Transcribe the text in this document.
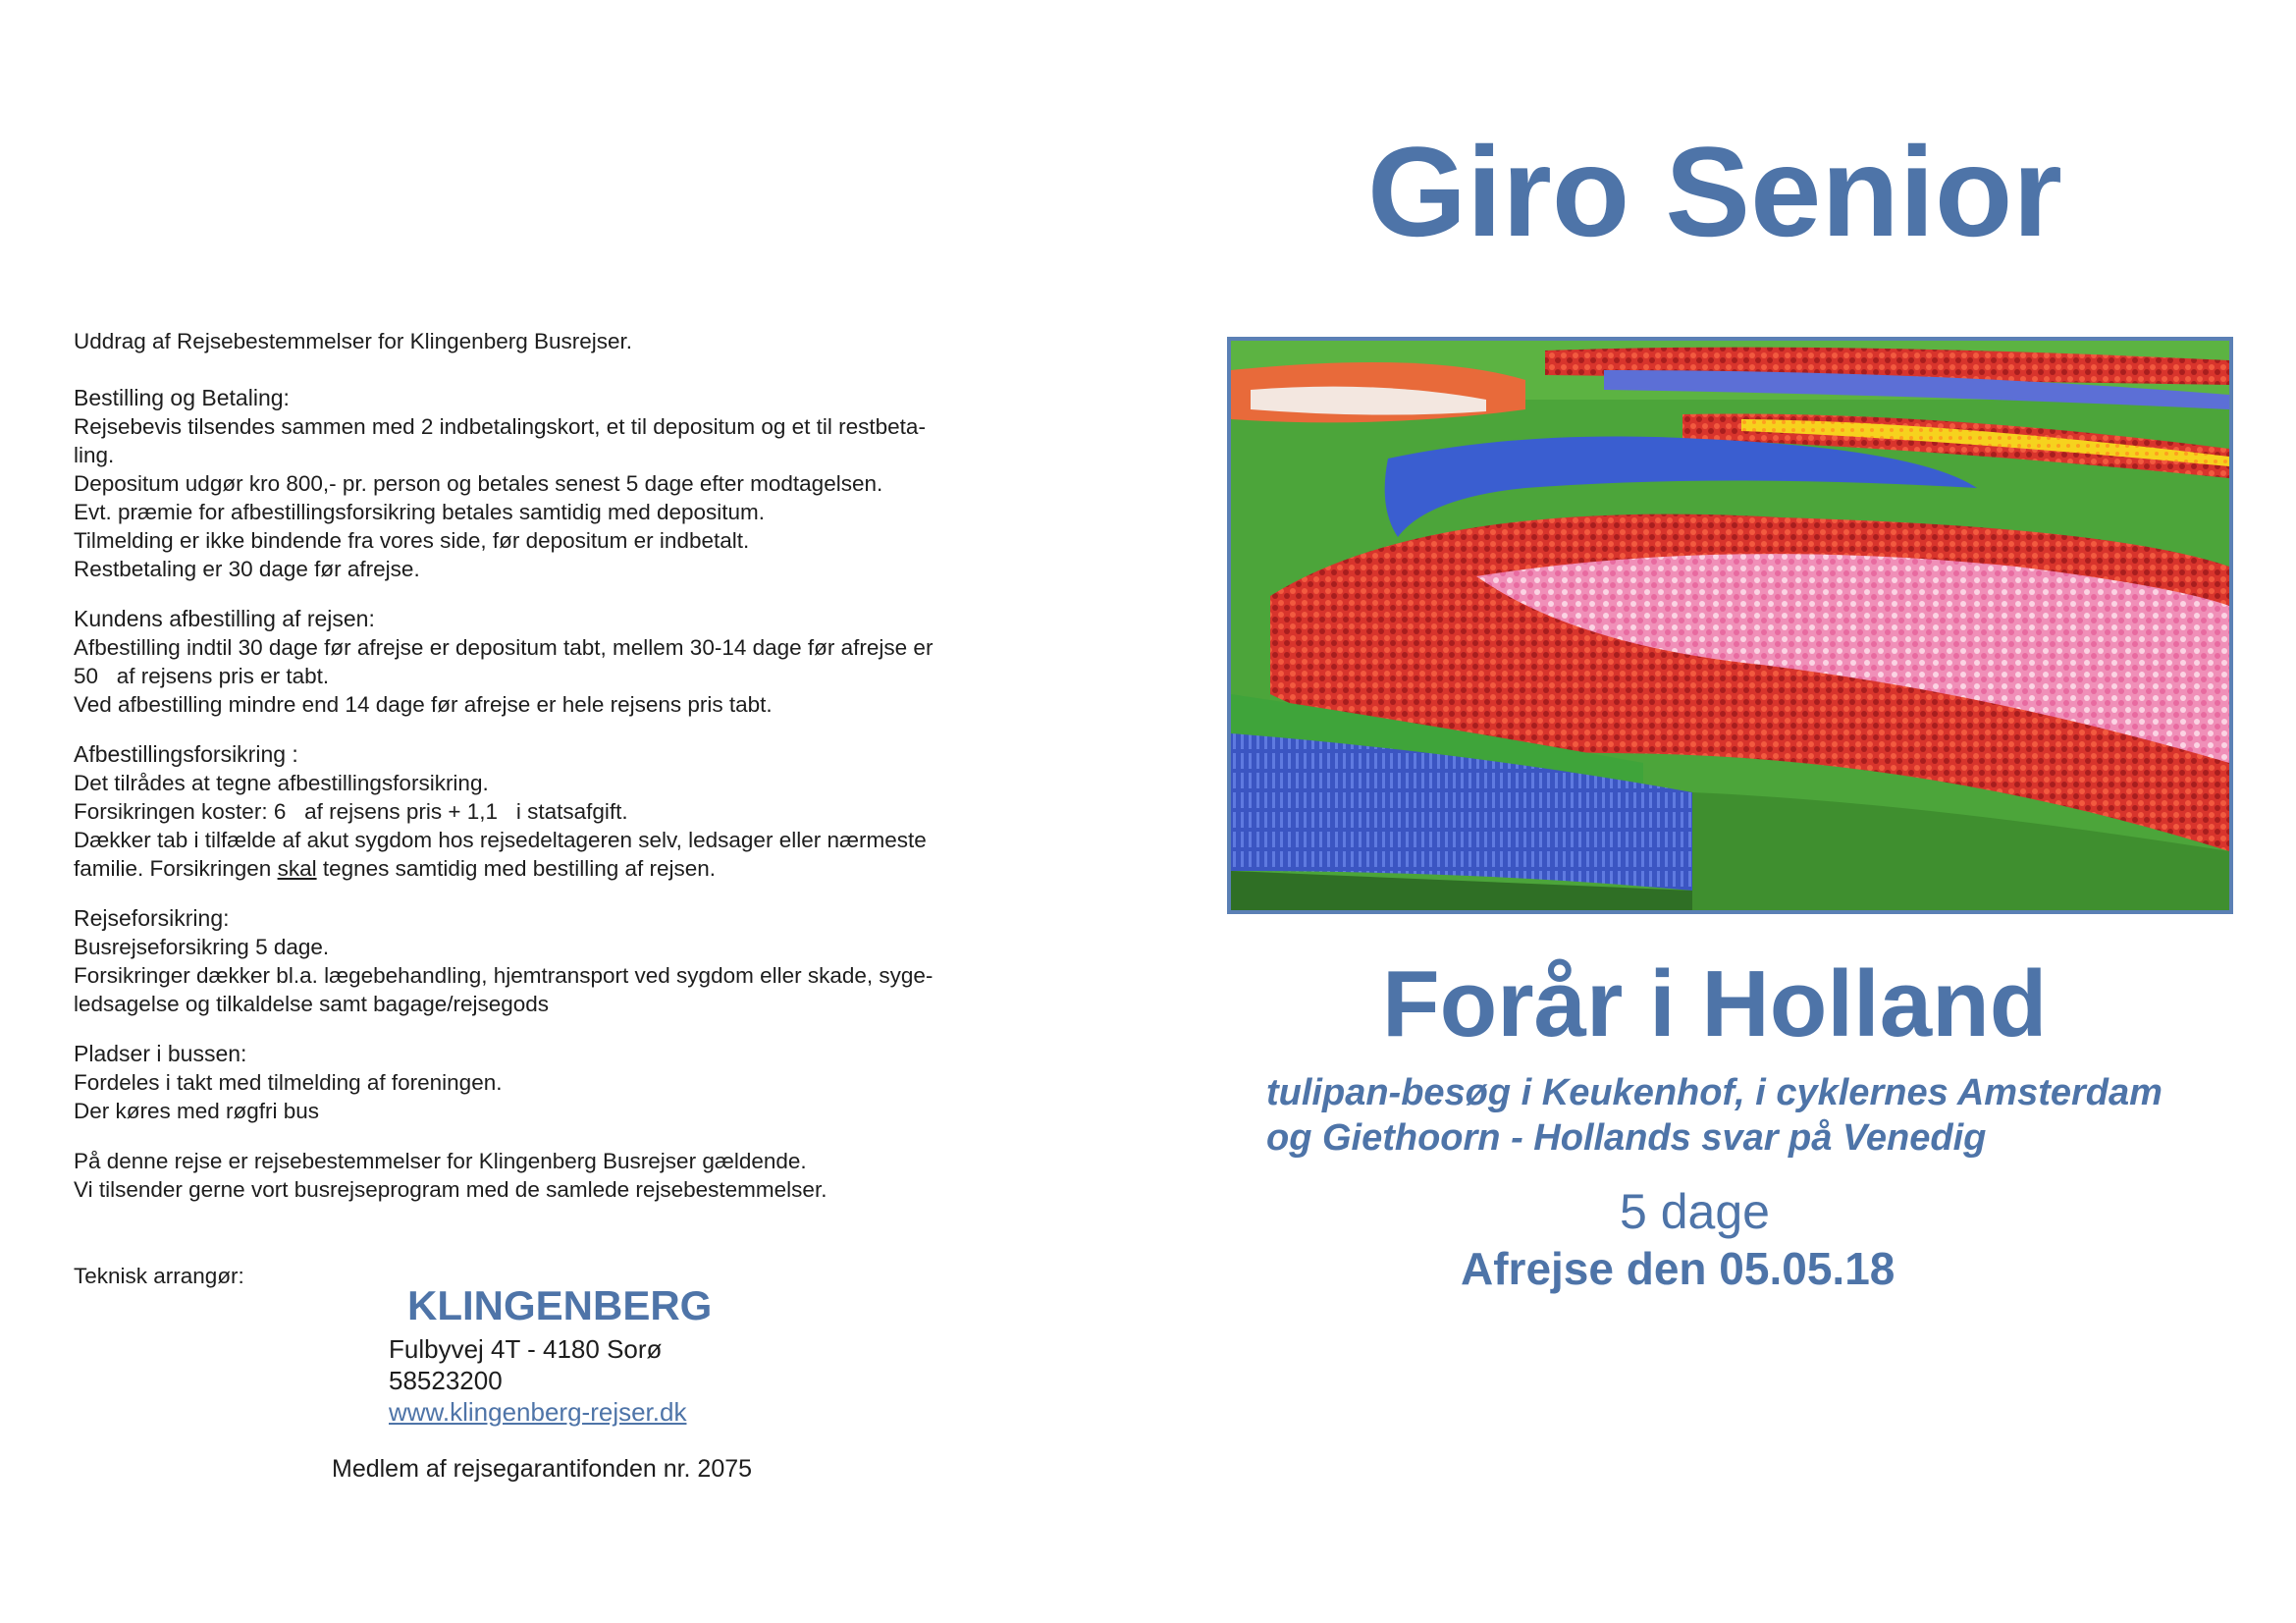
Uddrag af Rejsebestemmelser for Klingenberg Busrejser.
Bestilling og Betaling:
Rejsebevis tilsendes sammen med 2 indbetalingskort, et til depositum og et til restbeta-
ling.
Depositum udgør kro 800,- pr. person og betales senest 5 dage efter modtagelsen.
Evt. præmie for afbestillingsforsikring betales samtidig med depositum.
Tilmelding er ikke bindende fra vores side, før depositum er indbetalt.
Restbetaling er 30 dage før afrejse.
Kundens afbestilling af rejsen:
Afbestilling indtil 30 dage før afrejse er depositum tabt, mellem 30-14 dage før afrejse er
50   af rejsens pris er tabt.
Ved afbestilling mindre end 14 dage før afrejse er hele rejsens pris tabt.
Afbestillingsforsikring :
Det tilrådes at tegne afbestillingsforsikring.
Forsikringen koster: 6   af rejsens pris + 1,1   i statsafgift.
Dækker tab i tilfælde af akut sygdom hos rejsedeltageren selv, ledsager eller nærmeste
familie. Forsikringen skal tegnes samtidig med bestilling af rejsen.
Rejseforsikring:
Busrejseforsikring 5 dage.
Forsikringer dækker bl.a. lægebehandling, hjemtransport ved sygdom eller skade, syge-
ledsagelse og tilkaldelse samt bagage/rejsegods
Pladser i bussen:
Fordeles i takt med tilmelding af foreningen.
Der køres med røgfri bus
På denne rejse er rejsebestemmelser for Klingenberg Busrejser gældende.
Vi tilsender gerne vort busrejseprogram med de samlede rejsebestemmelser.
Teknisk arrangør:
KLINGENBERG
Fulbyvej 4T - 4180 Sorø
58523200
www.klingenberg-rejser.dk
Medlem af rejsegarantifonden nr. 2075
Giro Senior
Forår i Holland
tulipan-besøg i Keukenhof, i cyklernes Amsterdam
og Giethoorn - Hollands svar på Venedig
5 dage
Afrejse den 05.05.18
